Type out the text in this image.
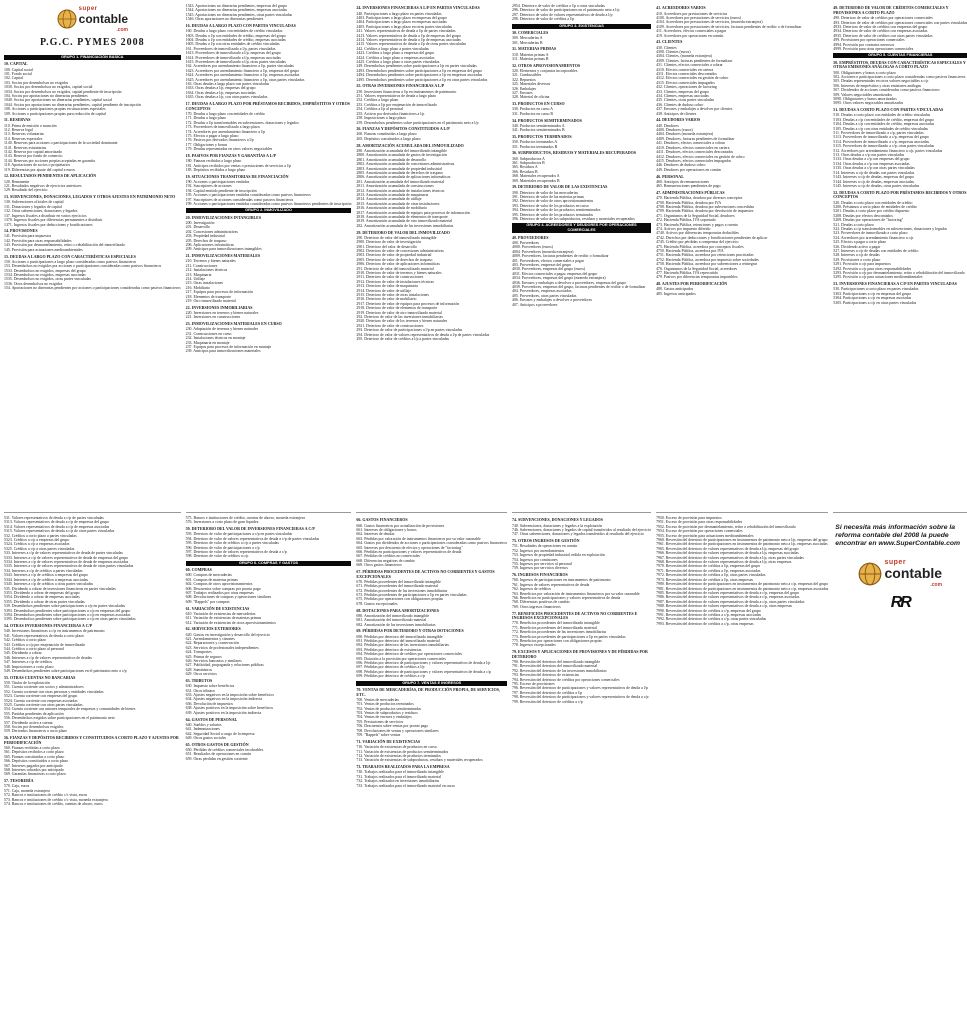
super
contable
.com
P.G.C. PYMES 2008
GRUPO 1. FINANCIACIÓN BÁSICA
10. CAPITAL
100. Capital social
101. Fondo social
102. Capital
103. Socios por desembolsos no exigidos
1030. Socios por desembolsos no exigidos, capital social
1034. Socios por desembolsos no exigidos, capital pendiente de inscripción
104. Socios por aportaciones no dinerarias pendientes
1040. Socios por aportaciones no dinerarias pendientes, capital social
1044. Socios por aportaciones no dinerarias pendientes, capital pendiente de inscripción
108. Acciones o participaciones propias en situaciones especiales
109. Acciones o participaciones propias para reducción de capital
11. RESERVAS
110. Prima de emisión o asunción
112. Reserva legal
113. Reservas voluntarias
114. Reservas especiales
1140. Reservas para acciones o participaciones de la sociedad dominante
1141. Reservas estatutarias
1142. Reserva por capital amortizado
1143. Reserva por fondo de comercio
1144. Reservas por acciones propias aceptadas en garantía
118. Aportaciones de socios o propietarios
119. Diferencias por ajuste del capital a euros
12. RESULTADOS PENDIENTES DE APLICACIÓN
120. Remanente
121. Resultados negativos de ejercicios anteriores
129. Resultado del ejercicio
13. SUBVENCIONES, DONACIONES, LEGADOS Y OTROS AJUSTES EN PATRIMONIO NETO
130. Subvenciones oficiales de capital
131. Donaciones y legados de capital
132. Otras subvenciones, donaciones y legados
137. Ingresos fiscales a distribuir en varios ejercicios
1370. Ingresos fiscales por diferencias permanentes a distribuir
1371. Ingresos fiscales por deducciones y bonificaciones
14. PROVISIONES
141. Provisión para impuestos
142. Provisión para otras responsabilidades
143. Provisión por desmantelamiento, retiro o rehabilitación del inmovilizado
145. Provisión para actuaciones medioambientales
15. DEUDAS A LARGO PLAZO CON CARACTERÍSTICAS ESPECIALES
150. Acciones o participaciones a largo plazo consideradas como pasivos financieros
153. Desembolsos no exigidos por acciones o participaciones consideradas como pasivos financieros
1533. Desembolsos no exigidos, empresas del grupo
1534. Desembolsos no exigidos, empresas asociadas
1535. Desembolsos no exigidos, otras partes vinculadas
1536. Otros desembolsos no exigidos
154. Aportaciones no dinerarias pendientes por acciones o participaciones consideradas como pasivos financieros
1543. Aportaciones no dinerarias pendientes, empresas del grupo
1544. Aportaciones no dinerarias pendientes, empresas asociadas
1545. Aportaciones no dinerarias pendientes, otras partes vinculadas
1546. Otras aportaciones no dinerarias pendientes
16. DEUDAS A LARGO PLAZO CON PARTES VINCULADAS
160. Deudas a largo plazo con entidades de crédito vinculadas
1603. Deudas a l/p con entidades de crédito, empresas del grupo
1604. Deudas a l/p con entidades de crédito, empresas asociadas
1605. Deudas a l/p con otras entidades de crédito vinculadas
161. Proveedores de inmovilizado a l/p, partes vinculadas
1613. Proveedores de inmovilizado a l/p, empresas del grupo
1614. Proveedores de inmovilizado a l/p, empresas asociadas
1615. Proveedores de inmovilizado a l/p, otras partes vinculadas
162. Acreedores por arrendamiento financiero a l/p, partes vinculadas
1623. Acreedores por arrendamiento financiero a l/p, empresas del grupo
1624. Acreedores por arrendamiento financiero a l/p, empresas asociadas
1625. Acreedores por arrendamiento financiero a l/p, otras partes vinculadas
163. Otras deudas a largo plazo con partes vinculadas
1633. Otras deudas a l/p, empresas del grupo
1634. Otras deudas a l/p, empresas asociadas
1635. Otras deudas a l/p, con otras partes vinculadas
17. DEUDAS A LARGO PLAZO POR PRÉSTAMOS RECIBIDOS, EMPRÉSTITOS Y OTROS CONCEPTOS
170. Deudas a largo plazo con entidades de crédito
171. Deudas a largo plazo
172. Deudas a l/p transformables en subvenciones, donaciones y legados
173. Proveedores de inmovilizado a largo plazo
174. Acreedores por arrendamiento financiero a l/p
175. Efectos a pagar a largo plazo
176. Pasivos por derivados financieros a l/p
177. Obligaciones y bonos
179. Deudas representadas en otros valores negociables
18. PASIVOS POR FIANZAS Y GARANTÍAS A L/P
180. Fianzas recibidas a largo plazo
181. Anticipos recibidos por ventas o prestaciones de servicios a l/p
185. Depósitos recibidos a largo plazo
19. SITUACIONES TRANSITORIAS DE FINANCIACIÓN
190. Acciones o participaciones emitidas
192. Suscriptores de acciones
194. Capital emitido pendiente de inscripción
195. Acciones o participaciones emitidas consideradas como pasivos financieros
197. Suscriptores de acciones consideradas como pasivos financieros
199. Acciones o participaciones emitidas consideradas como pasivos financieros pendientes de inscripción
GRUPO 2. INMOVILIZADO
20. INMOVILIZACIONES INTANGIBLES
200. Investigación
201. Desarrollo
202. Concesiones administrativas
203. Propiedad industrial
205. Derechos de traspaso
206. Aplicaciones informáticas
209. Anticipos para inmovilizaciones intangibles
21. INMOVILIZACIONES MATERIALES
210. Terrenos y bienes naturales
211. Construcciones
212. Instalaciones técnicas
213. Maquinaria
214. Utillaje
215. Otras instalaciones
216. Mobiliario
217. Equipos para procesos de información
218. Elementos de transporte
219. Otro inmovilizado material
22. INVERSIONES INMOBILIARIAS
220. Inversiones en terrenos y bienes naturales
221. Inversiones en construcciones
23. INMOVILIZACIONES MATERIALES EN CURSO
230. Adaptación de terrenos y bienes naturales
231. Construcciones en curso
232. Instalaciones técnicas en montaje
233. Maquinaria en montaje
237. Equipos para procesos de información en montaje
239. Anticipos para inmovilizaciones materiales
24. INVERSIONES FINANCIERAS A L/P EN PARTES VINCULADAS
240. Participaciones a largo plazo en partes vinculadas
2403. Participaciones a largo plazo en empresas del grupo
2404. Participaciones a largo plazo en empresas asociadas
2405. Participaciones a largo plazo en otras partes vinculadas
241. Valores representativos de deuda a l/p de partes vinculadas
2413. Valores representativos de deuda a l/p de empresas del grupo
2414. Valores representativos de deuda a l/p de empresas asociadas
2415. Valores representativos de deuda a l/p de otras partes vinculadas
242. Créditos a largo plazo a partes vinculadas
2423. Créditos a largo plazo a empresas del grupo
2424. Créditos a largo plazo a empresas asociadas
2425. Créditos a largo plazo a otras partes vinculadas
249. Desembolsos pendientes sobre participaciones a l/p en partes vinculadas
2493. Desembolsos pendientes sobre participaciones a l/p en empresas del grupo
2494. Desembolsos pendientes sobre participaciones a l/p en empresas asociadas
2495. Desembolsos pendientes sobre participaciones a l/p en otras partes vinculadas
25. OTRAS INVERSIONES FINANCIERAS A L/P
250. Inversiones financieras a l/p en instrumentos de patrimonio
251. Valores representativos de deuda a largo plazo
252. Créditos a largo plazo
253. Créditos a l/p por enajenación de inmovilizado
254. Créditos a l/p al personal
255. Activos por derivados financieros a l/p
258. Imposiciones a largo plazo
259. Desembolsos pendientes sobre participaciones en el patrimonio neto a l/p
26. FIANZAS Y DEPÓSITOS CONSTITUIDOS A L/P
260. Fianzas constituidas a largo plazo
265. Depósitos constituidos a largo plazo
28. AMORTIZACIÓN ACUMULADA DEL INMOVILIZADO
280. Amortización acumulada del inmovilizado intangible
2800. Amortización acumulada de gastos de investigación
2801. Amortización acumulada de desarrollo
2802. Amortización acumulada de concesiones administrativas
2803. Amortización acumulada de propiedad industrial
2805. Amortización acumulada de derechos de traspaso
2806. Amortización acumulada de aplicaciones informáticas
281. Amortización acumulada del inmovilizado material
2811. Amortización acumulada de construcciones
2812. Amortización acumulada de instalaciones técnicas
2813. Amortización acumulada de maquinaria
2814. Amortización acumulada de utillaje
2815. Amortización acumulada de otras instalaciones
2816. Amortización acumulada de mobiliario
2817. Amortización acumulada de equipos para procesos de información
2818. Amortización acumulada de elementos de transporte
2819. Amortización acumulada de otro inmovilizado material
282. Amortización acumulada de las inversiones inmobiliarias
29. DETERIORO DE VALOR DEL INMOVILIZADO
290. Deterioro de valor del inmovilizado intangible
2900. Deterioro de valor de investigación
2901. Deterioro del valor de desarrollo
2902. Deterioro de valor de concesiones administrativas
2903. Deterioro de valor de propiedad industrial
2905. Deterioro de valor de derechos de traspaso
2906. Deterioro de valor de aplicaciones informáticas
291. Deterioro de valor del inmovilizado material
2910. Deterioro de valor de terrenos y bienes naturales
2911. Deterioro de valor de construcciones
2912. Deterioro de valor de instalaciones técnicas
2913. Deterioro de valor de maquinaria
2914. Deterioro de valor de utillaje
2915. Deterioro de valor de otras instalaciones
2916. Deterioro de valor de mobiliario
2917. Deterioro de valor de equipos para procesos de información
2918. Deterioro de valor de elementos de transporte
2919. Deterioro de valor de otro inmovilizado material
292. Deterioro de valor de las inversiones inmobiliarias
2920. Deterioro de valor de los terrenos y bienes naturales
2921. Deterioro de valor de construcciones
293. Deterioro de valor de participaciones a l/p en partes vinculadas
294. Deterioro de valor de valores representativos de deuda a l/p de partes vinculadas
295. Deterioro de valor de créditos a l/p a partes vinculadas
2954. Deterioro de valor de créditos a l/p a otras vinculadas
296. Deterioro de valor de participaciones en el patrimonio neto a l/p
297. Deterioro de valor de valores representativos de deuda a l/p
298. Deterioro de valor de créditos a l/p
GRUPO 3. EXISTENCIAS
30. COMERCIALES
300. Mercaderías A
301. Mercaderías B
31. MATERIAS PRIMAS
310. Materias primas A
311. Materias primas B
32. OTROS APROVISIONAMIENTOS
320. Elementos y conjuntos incorporables
321. Combustibles
322. Repuestos
325. Materiales diversos
326. Embalajes
327. Envases
328. Material de oficina
33. PRODUCTOS EN CURSO
330. Productos en curso A
331. Productos en curso B
34. PRODUCTOS SEMITERMINADOS
340. Productos semiterminados A
341. Productos semiterminados B
35. PRODUCTOS TERMINADOS
350. Productos terminados A
351. Productos terminados B
36. SUBPRODUCTOS, RESIDUOS Y MATERIALES RECUPERADOS
360. Subproductos A
361. Subproductos B
365. Residuos A
366. Residuos B
368. Materiales recuperados A
369. Materiales recuperados B
39. DETERIORO DE VALOR DE LAS EXISTENCIAS
390. Deterioro de valor de las mercaderías
391. Deterioro de valor de las materias primas
392. Deterioro de valor de otros aprovisionamientos
393. Deterioro de valor de los productos en curso
394. Deterioro de valor de los productos semiterminados
395. Deterioro de valor de los productos terminados
396. Deterioro de valor de los subproductos, residuos y materiales recuperados
GRUPO 4. ACREEDORES Y DEUDORES POR OPERACIONES COMERCIALES
40. PROVEEDORES
400. Proveedores
4000. Proveedores (euros)
4004. Proveedores (moneda extranjera)
4009. Proveedores, facturas pendientes de recibir o formalizar
401. Proveedores, efectos comerciales a pagar
403. Proveedores, empresas del grupo
4030. Proveedores, empresas del grupo (euros)
4031. Efectos comerciales a pagar, empresas del grupo
4034. Proveedores, empresas del grupo (moneda extranjera)
4036. Envases y embalajes a devolver a proveedores, empresas del grupo
4039. Proveedores, empresas del grupo, facturas pendientes de recibir o de formalizar
404. Proveedores, empresas asociadas
405. Proveedores, otras partes vinculadas
406. Envases y embalajes a devolver a proveedores
407. Anticipos a proveedores
41. ACREEDORES VARIOS
410. Acreedores por prestaciones de servicios
4100. Acreedores por prestaciones de servicios (euros)
4104. Acreedores por prestaciones de servicios, (moneda extranjera)
4109. Acreedores por prestaciones de servicios, facturas pendientes de recibir o de formalizar
411. Acreedores, efectos comerciales a pagar
419. Acreedores por operaciones en común
43. CLIENTES
430. Clientes
4300. Clientes (euros)
4304. Clientes, (moneda extranjera)
4309. Clientes, facturas pendientes de formalizar
431. Clientes, efectos comerciales a cobrar
4310. Efectos comerciales en cartera
4311. Efectos comerciales descontados
4312. Efectos comerciales en gestión de cobro
4315. Efectos comerciales impagados
432. Clientes, operaciones de factoring
433. Clientes, empresas del grupo
434. Clientes, empresas asociadas
435. Clientes, otras partes vinculadas
436. Clientes de dudoso cobro
437. Envases y embalajes a devolver por clientes
438. Anticipos de clientes
44. DEUDORES VARIOS
440. Deudores
4400. Deudores (euros)
4404. Deudores (moneda extranjera)
4409. Deudores, facturas pendientes de formalizar
441. Deudores, efectos comerciales a cobrar
4410. Deudores, efectos comerciales en cartera
4411. Deudores, efectos comerciales descontados
4412. Deudores, efectos comerciales en gestión de cobro
4415. Deudores, efectos comerciales impagados
446. Deudores de dudoso cobro
449. Deudores por operaciones en común
46. PERSONAL
460. Anticipos de remuneraciones
465. Remuneraciones pendientes de pago
47. ADMINISTRACIONES PÚBLICAS
470. Hacienda Pública, deudora por diversos conceptos
4700. Hacienda Pública, deudora por IVA
4708. Hacienda Pública, deudora por subvenciones concedidas
4709. Hacienda Pública, deudora por devolución de impuestos
471. Organismos de la Seguridad Social, deudores
472. Hacienda Pública, IVA soportado
473. Hacienda Pública, retenciones y pagos a cuenta
474. Activos por impuesto diferido
4740. Activos por diferencias temporarias deducibles
4742. Derechos por deducciones y bonificaciones pendientes de aplicar
4745. Crédito por pérdidas a compensar del ejercicio
475. Hacienda Pública, acreedora por conceptos fiscales
4750. Hacienda Pública, acreedora por IVA
4751. Hacienda Pública, acreedora por retenciones practicadas
4752. Hacienda Pública, acreedora por impuesto sobre sociedades
4758. Hacienda Pública, acreedora por subvenciones a reintegrar
476. Organismos de la Seguridad Social, acreedores
477. Hacienda Pública, IVA repercutido
479. Pasivos por diferencias temporarias imponibles
48. AJUSTES POR PERIODIFICACIÓN
480. Gastos anticipados
485. Ingresos anticipados
49. DETERIORO DE VALOR DE CRÉDITOS COMERCIALES Y PROVISIONES A CORTO PLAZO
490. Deterioro de valor de créditos por operaciones comerciales
493. Deterioro de valor de créditos por operaciones comerciales con partes vinculadas
4933. Deterioro de valor de créditos con empresas del grupo
4934. Deterioro de valor de créditos con empresas asociadas
4935. Deterioro de valor de créditos con otras partes vinculadas
499. Provisiones por operaciones comerciales
4994. Provisión por contratos onerosos
4999. Provisión para otras operaciones comerciales
GRUPO 5. CUENTAS FINANCIERAS
50. EMPRÉSTITOS, DEUDAS CON CARACTERÍSTICAS ESPECIALES Y OTRAS EMISIONES ANÁLOGAS A CORTO PLAZO
500. Obligaciones y bonos a corto plazo
502. Acciones o participaciones a corto plazo consideradas como pasivos financieros
505. Deudas representadas en otros valores negociables a c/p
506. Intereses de empréstitos y otras emisiones análogas
507. Dividendos de acciones consideradas como pasivos financieros
509. Valores negociables amortizados
5090. Obligaciones y bonos amortizados
5095. Otros valores negociables amortizados
51. DEUDAS A CORTO PLAZO CON PARTES VINCULADAS
510. Deudas a corto plazo con entidades de crédito vinculadas
5103. Deudas a c/p con entidades de crédito, empresas del grupo
5104. Deudas a c/p con entidades de crédito, empresas asociadas
5105. Deudas a c/p con otras entidades de crédito vinculadas
511. Proveedores de inmovilizado a c/p, partes vinculadas
5113. Proveedores de inmovilizado a c/p, empresas del grupo
5114. Proveedores de inmovilizado a c/p, empresas asociadas
5115. Proveedores de inmovilizado a c/p, otras partes vinculadas
512. Acreedores por arrendamiento financiero a c/p, partes vinculadas
513. Otras deudas a c/p con partes vinculadas
5133. Otras deudas a c/p con empresas del grupo
5134. Otras deudas a c/p con empresas asociadas
5135. Otras deudas a c/p con otras partes vinculadas
514. Intereses a c/p de deudas con partes vinculadas
5143. Intereses a c/p de deudas, empresas del grupo
5144. Intereses a c/p de deudas, empresas asociadas
5145. Intereses a c/p de deudas, otras partes vinculadas
52. DEUDAS A CORTO PLAZO POR PRÉSTAMOS RECIBIDOS Y OTROS CONCEPTOS
520. Deudas a corto plazo con entidades de crédito
5200. Préstamos a corto plazo de entidades de crédito
5201. Deudas a corto plazo por crédito dispuesto
5208. Deudas por efectos descontados
5209. Deudas por operaciones de "factoring"
521. Deudas a corto plazo
522. Deudas a c/p transformables en subvenciones, donaciones y legados
523. Proveedores de inmovilizado a corto plazo
524. Acreedores por arrendamiento financiero a c/p
525. Efectos a pagar a corto plazo
526. Dividendo activo a pagar
527. Intereses a c/p de deudas con entidades de crédito
528. Intereses a c/p de deudas
529. Provisiones a corto plazo
5291. Provisión a c/p para impuestos
5292. Provisión a c/p para otras responsabilidades
5293. Provisión a c/p por desmantelamiento, retiro o rehabilitación del inmovilizado
5295. Provisión a c/p para actuaciones medioambientales
53. INVERSIONES FINANCIERAS A C/P EN PARTES VINCULADAS
530. Participaciones a corto plazo en partes vinculadas
5303. Participaciones a c/p en empresas del grupo
5304. Participaciones a c/p en empresas asociadas
5305. Participaciones a c/p en otras partes vinculadas
531. Valores representativos de deuda a c/p de partes vinculadas
5313. Valores representativos de deuda a c/p de empresas del grupo
5314. Valores representativos de deuda a c/p de empresas asociadas
5315. Valores representativos de deuda a c/p de otras partes vinculadas
532. Créditos a corto plazo a partes vinculadas
5323. Créditos a c/p a empresas del grupo
5324. Créditos a c/p a empresas asociadas
5325. Créditos a c/p a otras partes vinculadas
533. Intereses a c/p de valores representativos de deuda de partes vinculadas
5333. Intereses a c/p de valores representativos de deuda de empresas del grupo
5334. Intereses a c/p de valores representativos de deuda de empresas asociadas
5335. Intereses a c/p de valores representativos de deuda de otras partes vinculadas
534. Intereses a c/p de créditos a partes vinculadas
5343. Intereses a c/p de créditos a empresas del grupo
5344. Intereses a c/p de créditos a empresas asociadas
5345. Intereses a c/p de créditos a otras partes vinculadas
535. Dividendo a cobrar de inversiones financieras en partes vinculadas
5353. Dividendo a cobrar de empresas del grupo
5354. Dividendo a cobrar de empresas asociadas
5355. Dividendo a cobrar de otras partes vinculadas
539. Desembolsos pendientes sobre participaciones a c/p en partes vinculadas
5393. Desembolsos pendientes sobre participaciones a c/p en empresas del grupo
5394. Desembolsos pendientes sobre participaciones a c/p en empresas asociadas
5395. Desembolsos pendientes sobre participaciones a c/p en otras partes vinculadas
54. OTRAS INVERSIONES FINANCIERAS A C/P
540. Inversiones financieras a c/p en instrumentos de patrimonio
541. Valores representativos de deuda a corto plazo
542. Créditos a corto plazo
543. Créditos a c/p por enajenación de inmovilizado
544. Créditos a corto plazo al personal
545. Dividendo a cobrar
546. Intereses a c/p de valores representativos de deudas
547. Intereses a c/p de créditos
548. Imposiciones a corto plazo
549. Desembolsos pendientes sobre participaciones en el patrimonio neto a c/p
55. OTRAS CUENTAS NO BANCARIAS
550. Titular de la explotación
551. Cuenta corriente con socios y administradores
552. Cuenta corriente con otras personas y entidades vinculadas
5523. Cuenta corriente con empresas del grupo
5524. Cuenta corriente con empresas asociadas
5525. Cuenta corriente con otras partes vinculadas
554. Cuenta corriente con uniones temporales de empresas y comunidades de bienes
555. Partidas pendientes de aplicación
556. Desembolsos exigidos sobre participaciones en el patrimonio neto
557. Dividendo activo a cuenta
558. Socios por desembolsos exigidos
559. Derivados financieros a corto plazo
56. FIANZAS Y DEPÓSITOS RECIBIDOS Y CONSTITUIDOS A CORTO PLAZO Y AJUSTES POR PERIODIFICACIÓN
560. Fianzas recibidas a corto plazo
561. Depósitos recibidos a corto plazo
565. Fianzas constituidas a corto plazo
566. Depósitos constituidos a corto plazo
567. Intereses pagados por anticipado
568. Intereses cobrados por anticipado
569. Garantías financieras a corto plazo
57. TESORERÍA
570. Caja, euros
571. Caja, moneda extranjera
572. Bancos e instituciones de crédito c/c vista, euros
573. Bancos e instituciones de crédito c/c vista, moneda extranjera
574. Bancos e instituciones de crédito, cuentas de ahorro, euros
575. Bancos e instituciones de crédito, cuentas de ahorro, moneda extranjera
576. Inversiones a corto plazo de gran liquidez
59. DETERIORO DEL VALOR DE INVERSIONES FINANCIERAS A C/P
593. Deterioro de valor de participaciones a c/p en partes vinculadas
594. Deterioro de valor de valores representativos de deuda a c/p de partes vinculadas
595. Deterioro de valor de créditos a c/p a partes vinculadas
596. Deterioro de valor de participaciones a c/p
597. Deterioro de valor de valores representativos de deuda a c/p
598. Deterioro de valor de créditos a c/p
GRUPO 6. COMPRAS Y GASTOS
60. COMPRAS
600. Compras de mercaderías
601. Compras de materias primas
602. Compras de otros aprovisionamientos
606. Descuentos sobre compras por pronto pago
607. Trabajos realizados por otras empresas
608. Devoluciones de compras y operaciones similares
609. "Rappels" por compras
61. VARIACIÓN DE EXISTENCIAS
610. Variación de existencias de mercaderías
611. Variación de existencias de materias primas
612. Variación de existencias de otros aprovisionamientos
62. SERVICIOS EXTERIORES
620. Gastos en investigación y desarrollo del ejercicio
621. Arrendamientos y cánones
622. Reparaciones y conservación
623. Servicios de profesionales independientes
624. Transportes
625. Primas de seguros
626. Servicios bancarios y similares
627. Publicidad, propaganda y relaciones públicas
628. Suministros
629. Otros servicios
63. TRIBUTOS
630. Impuesto sobre beneficios
631. Otros tributos
633. Ajustes negativos en la imposición sobre beneficios
634. Ajustes negativos en la imposición indirecta
636. Devolución de impuestos
638. Ajustes positivos en la imposición sobre beneficios
639. Ajustes positivos en la imposición indirecta
64. GASTOS DE PERSONAL
640. Sueldos y salarios
641. Indemnizaciones
642. Seguridad Social a cargo de la empresa
649. Otros gastos sociales
65. OTROS GASTOS DE GESTIÓN
650. Pérdidas de créditos comerciales incobrables
651. Resultados de operaciones en común
659. Otras pérdidas en gestión corriente
66. GASTOS FINANCIEROS
660. Gastos financieros por actualización de provisiones
661. Intereses de obligaciones y bonos
662. Intereses de deudas
663. Pérdidas por valoración de instrumentos financieros por su valor razonable
664. Gastos por dividendos de acciones o participaciones consideradas como pasivos financieros
665. Intereses por descuento de efectos y operaciones de "factoring"
666. Pérdidas en participaciones y valores representativos de deuda
667. Pérdidas de créditos no comerciales
668. Diferencias negativas de cambio
669. Otros gastos financieros
67. PÉRDIDAS PROCEDENTES DE ACTIVOS NO CORRIENTES Y GASTOS EXCEPCIONALES
670. Pérdidas procedentes del inmovilizado intangible
671. Pérdidas procedentes del inmovilizado material
672. Pérdidas procedentes de las inversiones inmobiliarias
673. Pérdidas procedentes de participaciones a l/p en partes vinculadas
675. Pérdidas por operaciones con obligaciones propias
678. Gastos excepcionales
68. DOTACIONES PARA AMORTIZACIONES
680. Amortización del inmovilizado intangible
681. Amortización del inmovilizado material
682. Amortización de las inversiones inmobiliarias
69. PÉRDIDAS POR DETERIORO Y OTRAS DOTACIONES
690. Pérdidas por deterioro del inmovilizado intangible
691. Pérdidas por deterioro del inmovilizado material
692. Pérdidas por deterioro de las inversiones inmobiliarias
693. Pérdidas por deterioro de existencias
694. Pérdidas por deterioro de créditos por operaciones comerciales
695. Dotación a la provisión por operaciones comerciales
696. Pérdidas por deterioro de participaciones y valores representativos de deuda a l/p
697. Pérdidas por deterioro de créditos a l/p
698. Pérdidas por deterioro de participaciones y valores representativos de deuda a c/p
699. Pérdidas por deterioro de créditos a c/p
GRUPO 7. VENTAS E INGRESOS
70. VENTAS DE MERCADERÍAS, DE PRODUCCIÓN PROPIA, DE SERVICIOS, ETC.
700. Ventas de mercaderías
701. Ventas de productos terminados
702. Ventas de productos semiterminados
703. Ventas de subproductos y residuos
704. Ventas de envases y embalajes
705. Prestaciones de servicios
706. Descuentos sobre ventas por pronto pago
708. Devoluciones de ventas y operaciones similares
709. "Rappels" sobre ventas
71. VARIACIÓN DE EXISTENCIAS
710. Variación de existencias de productos en curso
711. Variación de existencias de productos semiterminados
712. Variación de existencias de productos terminados
713. Variación de existencias de subproductos, residuos y materiales recuperados
73. TRABAJOS REALIZADOS PARA LA EMPRESA
730. Trabajos realizados para el inmovilizado intangible
731. Trabajos realizados para el inmovilizado material
732. Trabajos realizados en inversiones inmobiliarias
733. Trabajos realizados para el inmovilizado material en curso
74. SUBVENCIONES, DONACIONES Y LEGADOS
740. Subvenciones, donaciones y legados a la explotación
746. Subvenciones, donaciones y legados de capital transferidos al resultado del ejercicio
747. Otras subvenciones, donaciones y legados transferidos al resultado del ejercicio
75. OTROS INGRESOS DE GESTIÓN
751. Resultados de operaciones en común
752. Ingresos por arrendamientos
753. Ingresos de propiedad industrial cedida en explotación
754. Ingresos por comisiones
755. Ingresos por servicios al personal
759. Ingresos por servicios diversos
76. INGRESOS FINANCIEROS
760. Ingresos de participaciones en instrumentos de patrimonio
761. Ingresos de valores representativos de deuda
762. Ingresos de créditos
763. Beneficios por valoración de instrumentos financieros por su valor razonable
766. Beneficios en participaciones y valores representativos de deuda
768. Diferencias positivas de cambio
769. Otros ingresos financieros
77. BENEFICIOS PROCEDENTES DE ACTIVOS NO CORRIENTES E INGRESOS EXCEPCIONALES
770. Beneficios procedentes del inmovilizado intangible
771. Beneficios procedentes del inmovilizado material
772. Beneficios procedentes de las inversiones inmobiliarias
773. Beneficios procedentes de participaciones a l/p en partes vinculadas
775. Beneficios por operaciones con obligaciones propias
778. Ingresos excepcionales
79. EXCESOS Y APLICACIONES DE PROVISIONES Y DE PÉRDIDAS POR DETERIORO
790. Reversión del deterioro del inmovilizado intangible
791. Reversión del deterioro del inmovilizado material
792. Reversión del deterioro de las inversiones inmobiliarias
793. Reversión del deterioro de existencias
794. Reversión del deterioro de créditos por operaciones comerciales
795. Exceso de provisiones
796. Reversión del deterioro de participaciones y valores representativos de deuda a l/p
797. Reversión del deterioro de créditos a l/p
798. Reversión del deterioro de participaciones y valores representativos de deuda a c/p
799. Reversión del deterioro de créditos a c/p
7950. Exceso de provisión para impuestos
7951. Exceso de provisión para otras responsabilidades
7952. Exceso de provisión por desmantelamiento, retiro o rehabilitación del inmovilizado
7954. Exceso de provisión por operaciones comerciales
7955. Exceso de provisión para actuaciones medioambientales
7960. Reversión del deterioro de participaciones en instrumentos de patrimonio neto a l/p, empresas del grupo
7961. Reversión del deterioro de participaciones en instrumentos de patrimonio neto a l/p, empresas asociadas
7965. Reversión del deterioro de valores representativos de deuda a l/p, empresas del grupo
7966. Reversión del deterioro de valores representativos de deuda a l/p, empresas asociadas
7967. Reversión del deterioro de valores representativos de deuda a l/p, otras partes vinculadas
7968. Reversión del deterioro de valores representativos de deuda a l/p, otras empresas
7970. Reversión del deterioro de créditos a l/p, empresas del grupo
7971. Reversión del deterioro de créditos a l/p, empresas asociadas
7972. Reversión del deterioro de créditos a l/p, otras partes vinculadas
7973. Reversión del deterioro de créditos a l/p, otras empresas
7980. Reversión del deterioro de participaciones en instrumentos de patrimonio neto a c/p, empresas del grupo
7981. Reversión del deterioro de participaciones en instrumentos de patrimonio neto a c/p, empresas asociadas
7985. Reversión del deterioro de valores representativos de deuda a c/p, empresas del grupo
7986. Reversión del deterioro de valores representativos de deuda a c/p, empresas asociadas
7987. Reversión del deterioro de valores representativos de deuda a c/p, otras partes vinculadas
7988. Reversión del deterioro de valores representativos de deuda a c/p, otras empresas
7990. Reversión del deterioro de créditos a c/p, empresas del grupo
7991. Reversión del deterioro de créditos a c/p, empresas asociadas
7992. Reversión del deterioro de créditos a c/p, otras partes vinculadas
7993. Reversión del deterioro de créditos a c/p, otras empresas
Si necesita más información sobre la reforma contable del 2008 la puede encontrar en www.SuperContable.com
super
contable
.com
RR
